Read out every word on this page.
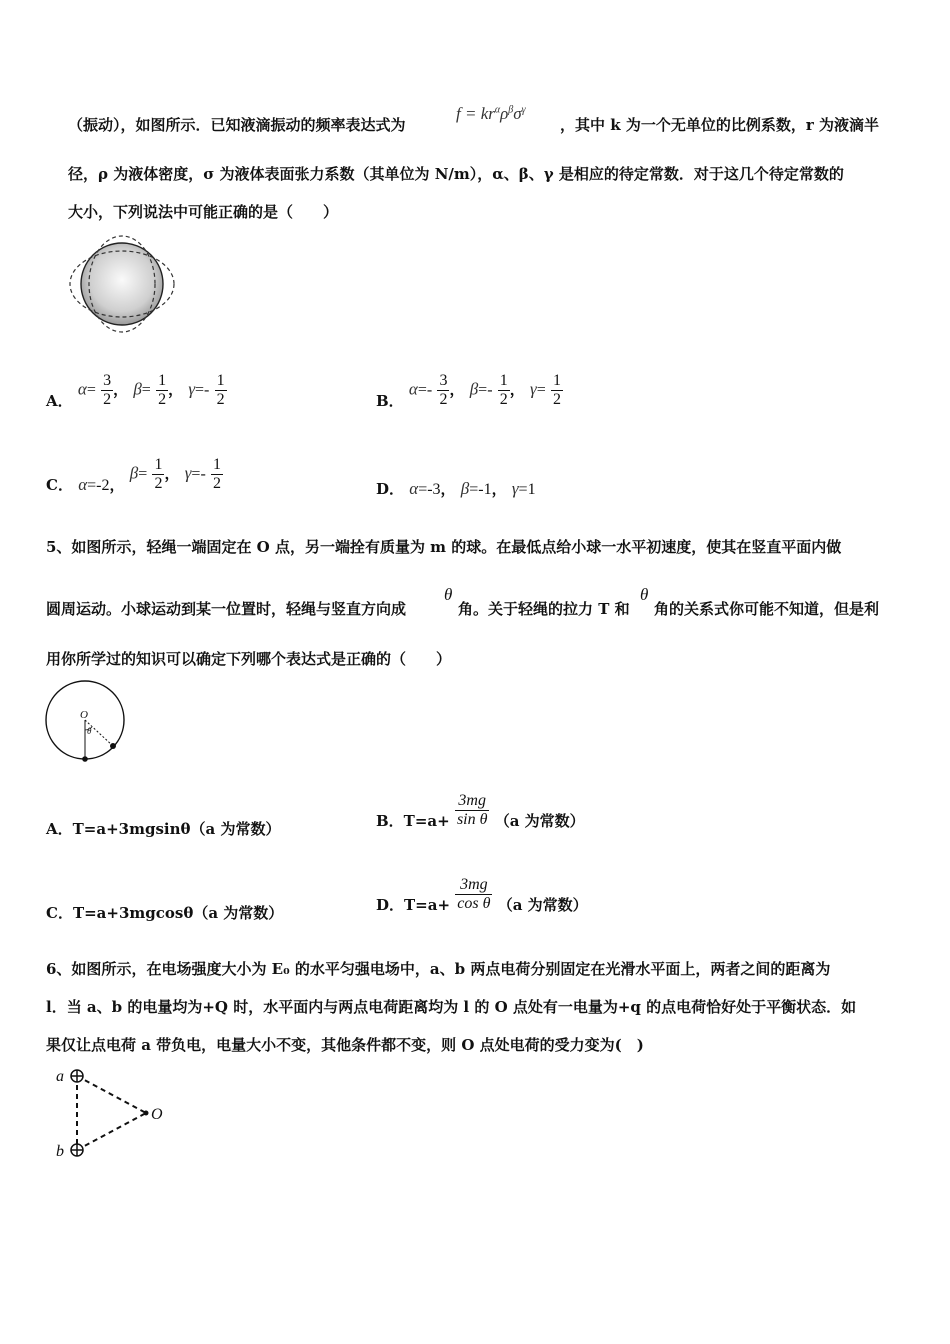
（振动），如图所示．已知液滴振动的频率表达式为
$f = kr^\alpha\rho^\beta\sigma^\gamma$
，其中 k 为一个无单位的比例系数，r 为液滴半
径，ρ 为液体密度，σ 为液体表面张力系数（其单位为 N/m），α、β、γ 是相应的待定常数．对于这几个待定常数的
大小，下列说法中可能正确的是（　　）
A． $\alpha= \frac{3}{2}$ ， $\beta= \frac{1}{2}$ ， $\gamma=- \frac{1}{2}$	B． $\alpha=- \frac{3}{2}$ ， $\beta=- \frac{1}{2}$ ， $\gamma= \frac{1}{2}$
C． α=-2， $\beta= \frac{1}{2}$ ， $\gamma=- \frac{1}{2}$	D． α=-3， β=-1， γ=1
5、如图所示，轻绳一端固定在 O 点，另一端拴有质量为 m 的球。在最低点给小球一水平初速度，使其在竖直平面内做
圆周运动。小球运动到某一位置时，轻绳与竖直方向成
θ
角。关于轻绳的拉力 T 和
θ
角的关系式你可能不知道，但是利
用你所学过的知识可以确定下列哪个表达式是正确的（　　）
O
θ
A．T=a+3mgsinθ（a 为常数）	B．$T=a+ \frac{3mg}{\text{sin θ}} (a$ 为常数）
C．T=a+3mgcosθ（a 为常数）	D．$T=a+ \frac{3mg}{\text{cos θ}} (a$ 为常数）
6、如图所示，在电场强度大小为 E₀ 的水平匀强电场中，a、b 两点电荷分别固定在光滑水平面上，两者之间的距离为
l．当 a、b 的电量均为+Q 时，水平面内与两点电荷距离均为 l 的 O 点处有一电量为+q 的点电荷恰好处于平衡状态．如
果仅让点电荷 a 带负电，电量大小不变，其他条件都不变，则 O 点处电荷的受力变为(　)
a
b
O
